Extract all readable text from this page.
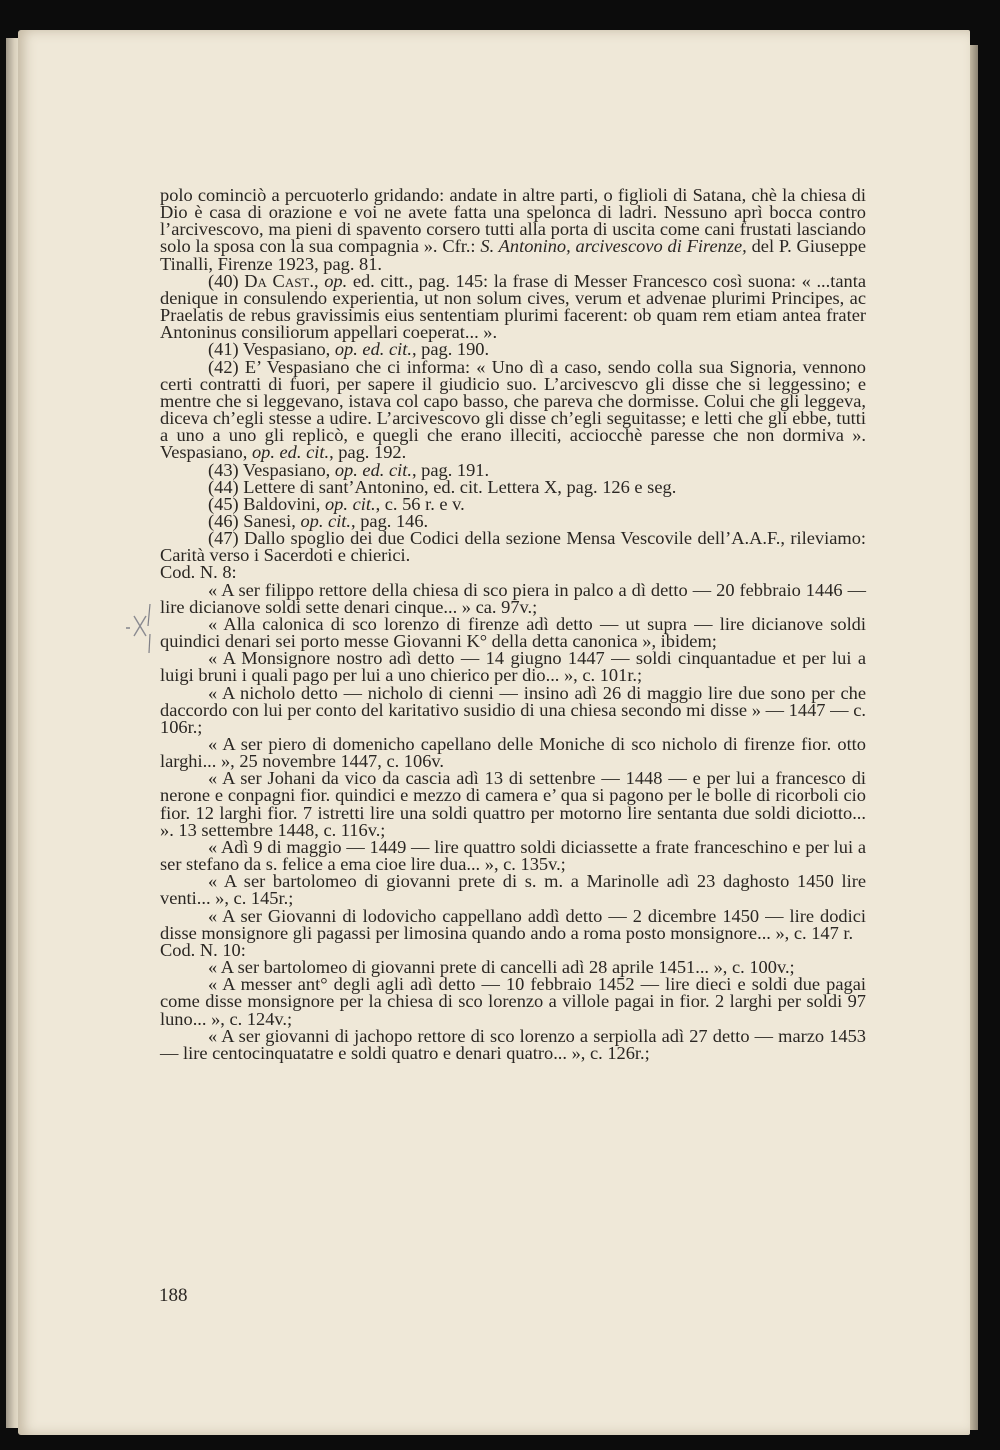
polo cominciò a percuoterlo gridando: andate in altre parti, o figlioli di Satana, chè la chiesa di Dio è casa di orazione e voi ne avete fatta una spelonca di ladri. Nessuno aprì bocca contro l’arcivescovo, ma pieni di spavento corsero tutti alla porta di uscita come cani frustati lasciando solo la sposa con la sua compagnia ». Cfr.: S. Antonino, arcivescovo di Firenze, del P. Giuseppe Tinalli, Firenze 1923, pag. 81.

(40) Da Cast., op. ed. citt., pag. 145: la frase di Messer Francesco così suona: « ...tanta denique in consulendo experientia, ut non solum cives, verum et advenae plurimi Principes, ac Praelatis de rebus gravissimis eius sententiam plurimi facerent: ob quam rem etiam antea frater Antoninus consiliorum appellari coeperat... ».

(41) Vespasiano, op. ed. cit., pag. 190.

(42) E’ Vespasiano che ci informa: « Uno dì a caso, sendo colla sua Signoria, vennono certi contratti di fuori, per sapere il giudicio suo. L’arcivescvo gli disse che si leggessino; e mentre che si leggevano, istava col capo basso, che pareva che dormisse. Colui che gli leggeva, diceva ch’egli stesse a udire. L’arcivescovo gli disse ch’egli seguitasse; e letti che gli ebbe, tutti a uno a uno gli replicò, e quegli che erano illeciti, acciocchè paresse che non dormiva ». Vespasiano, op. ed. cit., pag. 192.

(43) Vespasiano, op. ed. cit., pag. 191.

(44) Lettere di sant’Antonino, ed. cit. Lettera X, pag. 126 e seg.

(45) Baldovini, op. cit., c. 56 r. e v.

(46) Sanesi, op. cit., pag. 146.

(47) Dallo spoglio dei due Codici della sezione Mensa Vescovile dell’A.A.F., rileviamo: Carità verso i Sacerdoti e chierici.

Cod. N. 8:

« A ser filippo rettore della chiesa di sco piera in palco a dì detto — 20 febbraio 1446 — lire dicianove soldi sette denari cinque... » ca. 97v.;

« Alla calonica di sco lorenzo di firenze adì detto — ut supra — lire dicianove soldi quindici denari sei porto messe Giovanni K° della detta canonica », ibidem;

« A Monsignore nostro adì detto — 14 giugno 1447 — soldi cinquantadue et per lui a luigi bruni i quali pago per lui a uno chierico per dio... », c. 101r.;

« A nicholo detto — nicholo di cienni — insino adì 26 di maggio lire due sono per che daccordo con lui per conto del karitativo susidio di una chiesa secondo mi disse » — 1447 — c. 106r.;

« A ser piero di domenicho capellano delle Moniche di sco nicholo di firenze fior. otto larghi... », 25 novembre 1447, c. 106v.

« A ser Johani da vico da cascia adì 13 di settenbre — 1448 — e per lui a francesco di nerone e conpagni fior. quindici e mezzo di camera e’ qua si pagono per le bolle di ricorboli cio fior. 12 larghi fior. 7 istretti lire una soldi quattro per motorno lire sentanta due soldi diciotto... ». 13 settembre 1448, c. 116v.;

« Adì 9 di maggio — 1449 — lire quattro soldi diciassette a frate franceschino e per lui a ser stefano da s. felice a ema cioe lire dua... », c. 135v.;

« A ser bartolomeo di giovanni prete di s. m. a Marinolle adì 23 daghosto 1450 lire venti... », c. 145r.;

« A ser Giovanni di lodovicho cappellano addì detto — 2 dicembre 1450 — lire dodici disse monsignore gli pagassi per limosina quando ando a roma posto monsignore... », c. 147 r.

Cod. N. 10:

« A ser bartolomeo di giovanni prete di cancelli adì 28 aprile 1451... », c. 100v.;

« A messer ant° degli agli adì detto — 10 febbraio 1452 — lire dieci e soldi due pagai come disse monsignore per la chiesa di sco lorenzo a villole pagai in fior. 2 larghi per soldi 97 luno... », c. 124v.;

« A ser giovanni di jachopo rettore di sco lorenzo a serpiolla adì 27 detto — marzo 1453 — lire centocinquatatre e soldi quatro e denari quatro... », c. 126r.;

188
